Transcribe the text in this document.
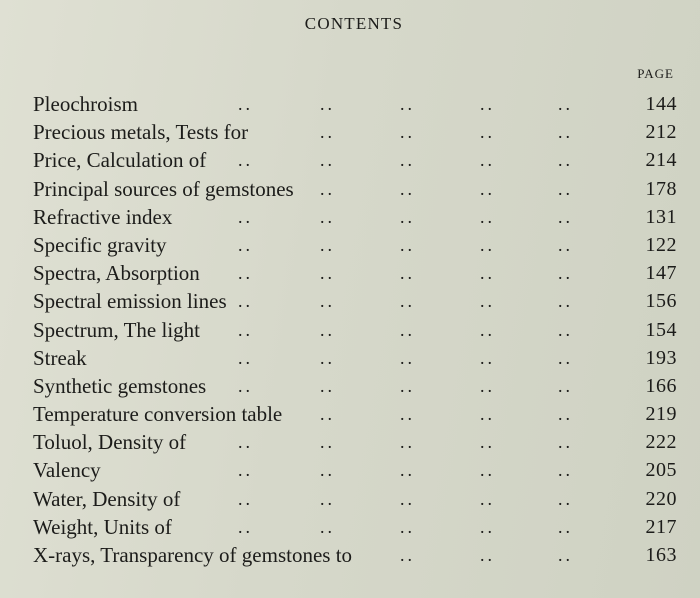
CONTENTS
PAGE
..	..	..	..	..
Pleochroism	144
..	..	..	..
Precious metals, Tests for	212
..	..	..	..	..
Price, Calculation of	214
..	..	..	..
Principal sources of gemstones	178
..	..	..	..	..
Refractive index	131
..	..	..	..	..
Specific gravity	122
..	..	..	..	..
Spectra, Absorption	147
..	..	..	..	..
Spectral emission lines	156
..	..	..	..	..
Spectrum, The light	154
..	..	..	..	..
Streak	193
..	..	..	..	..
Synthetic gemstones	166
..	..	..	..
Temperature conversion table	219
..	..	..	..	..
Toluol, Density of	222
..	..	..	..	..
Valency	205
..	..	..	..	..
Water, Density of	220
..	..	..	..	..
Weight, Units of	217
..	..	..
X-rays, Transparency of gemstones to	163
